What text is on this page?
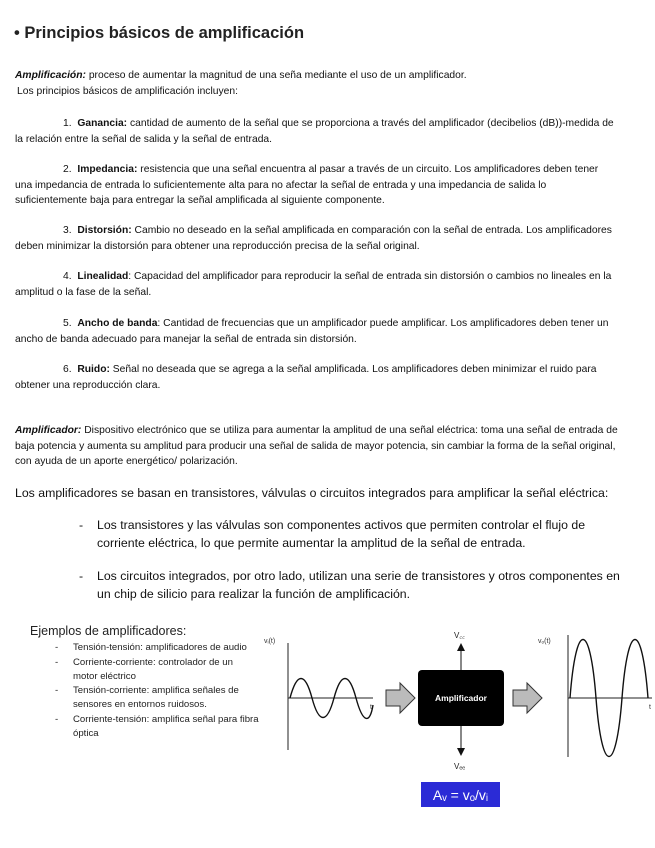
• Principios básicos de amplificación
Amplificación: proceso de aumentar la magnitud de una seña mediante el uso de un amplificador.
Los principios básicos de amplificación incluyen:
1. Ganancia: cantidad de aumento de la señal que se proporciona a través del amplificador (decibelios (dB))-medida de la relación entre la señal de salida y la señal de entrada.
2. Impedancia: resistencia que una señal encuentra al pasar a través de un circuito. Los amplificadores deben tener una impedancia de entrada lo suficientemente alta para no afectar la señal de entrada y una impedancia de salida lo suficientemente baja para entregar la señal amplificada al siguiente componente.
3. Distorsión: Cambio no deseado en la señal amplificada en comparación con la señal de entrada. Los amplificadores deben minimizar la distorsión para obtener una reproducción precisa de la señal original.
4. Linealidad: Capacidad del amplificador para reproducir la señal de entrada sin distorsión o cambios no lineales en la amplitud o la fase de la señal.
5. Ancho de banda: Cantidad de frecuencias que un amplificador puede amplificar. Los amplificadores deben tener un ancho de banda adecuado para manejar la señal de entrada sin distorsión.
6. Ruido: Señal no deseada que se agrega a la señal amplificada. Los amplificadores deben minimizar el ruido para obtener una reproducción clara.
Amplificador: Dispositivo electrónico que se utiliza para aumentar la amplitud de una señal eléctrica: toma una señal de entrada de baja potencia y aumenta su amplitud para producir una señal de salida de mayor potencia, sin cambiar la forma de la señal original, con ayuda de un aporte energético/ polarización.
Los amplificadores se basan en transistores, válvulas o circuitos integrados para amplificar la señal eléctrica:
- Los transistores y las válvulas son componentes activos que permiten controlar el flujo de corriente eléctrica, lo que permite aumentar la amplitud de la señal de entrada.
- Los circuitos integrados, por otro lado, utilizan una serie de transistores y otros componentes en un chip de silicio para realizar la función de amplificación.
Ejemplos de amplificadores:
- Tensión-tensión: amplificadores de audio
- Corriente-corriente: controlador de un motor eléctrico
- Tensión-corriente: amplifica señales de sensores en entornos ruidosos.
- Corriente-tensión: amplifica señal para fibra óptica
vᵢ(t)
t
Amplificador
V꜀꜀
Vₑₑ
vₒ(t)
t
Aᵥ = vₒ/vᵢ
